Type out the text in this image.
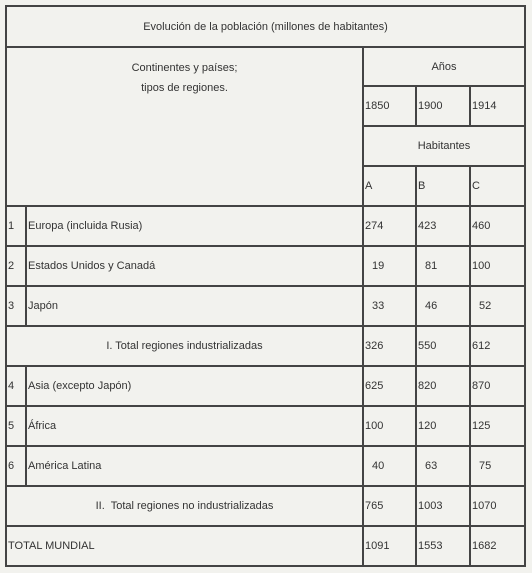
Evolución de la población (millones de habitantes)				

Continentes y países;
tipos de regiones.		Años		
		1850	1900	1914
		Habitantes		
		A	B	C
1	Europa (incluida Rusia)	274	423	460
2	Estados Unidos y Canadá	19	81	100
3	Japón	33	46	52
I. Total regiones industrializadas		326	550	612
4	Asia (excepto Japón)	625	820	870
5	África	100	120	125
6	América Latina	40	63	75
II.  Total regiones no industrializadas		765	1003	1070
TOTAL MUNDIAL		1091	1553	1682
